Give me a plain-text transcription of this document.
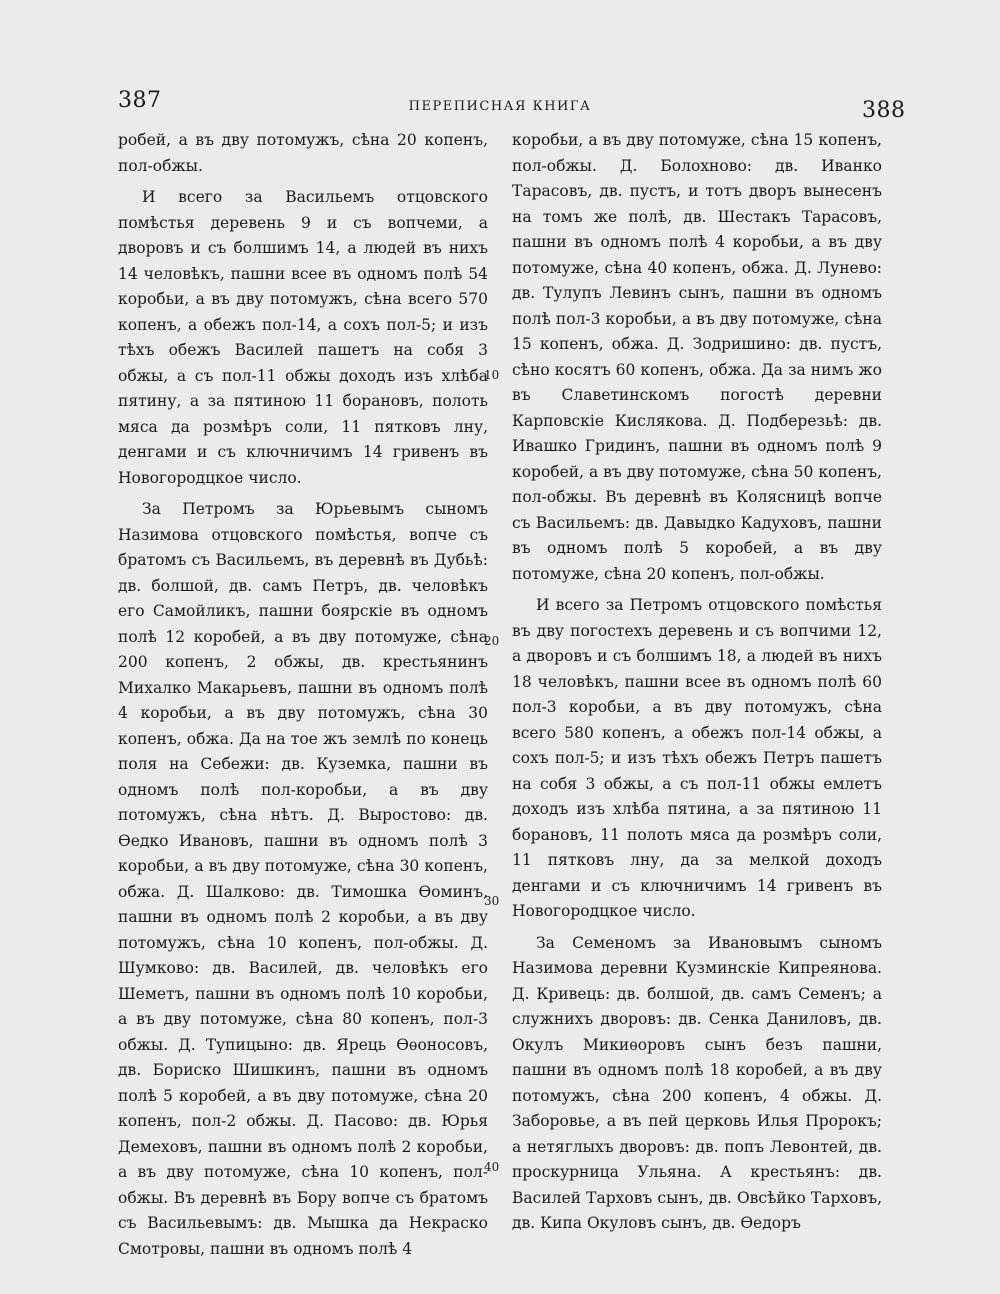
387	ПЕРЕПИСНАЯ КНИГА	388

робей, а въ дву потомужъ, сѣна 20 копенъ, пол-обжы.

И всего за Васильемъ отцовского помѣстья деревень 9 и съ вопчеми, а дворовъ и съ болшимъ 14, а людей въ нихъ 14 человѣкъ, пашни всее въ одномъ полѣ 54 коробьи, а въ дву потомужъ, сѣна всего 570 копенъ, а обежъ пол-14, а сохъ пол-5; и изъ тѣхъ обежъ Василей пашетъ на собя 3 обжы, а съ пол-11 обжы доходъ изъ хлѣба пятину, а за пятиною 11 борановъ, полоть мяса да розмѣръ соли, 11 пятковъ лну, денгами и съ ключничимъ 14 гривенъ въ Новогородцкое число.

За Петромъ за Юрьевымъ сыномъ Назимова отцовского помѣстья, вопче съ братомъ съ Васильемъ, въ деревнѣ въ Дубьѣ: дв. болшой, дв. самъ Петръ, дв. человѣкъ его Самойликъ, пашни боярскіе въ одномъ полѣ 12 коробей, а въ дву потомуже, сѣна 200 копенъ, 2 обжы, дв. крестьянинъ Михалко Макарьевъ, пашни въ одномъ полѣ 4 коробьи, а въ дву потомужъ, сѣна 30 копенъ, обжа. Да на тое жъ землѣ по конець поля на Себежи: дв. Куземка, пашни въ одномъ полѣ пол-коробьи, а въ дву потомужъ, сѣна нѣтъ. Д. Выростово: дв. Ѳедко Ивановъ, пашни въ одномъ полѣ 3 коробьи, а въ дву потомуже, сѣна 30 копенъ, обжа. Д. Шалково: дв. Тимошка Ѳоминъ, пашни въ одномъ полѣ 2 коробьи, а въ дву потомужъ, сѣна 10 копенъ, пол-обжы. Д. Шумково: дв. Василей, дв. человѣкъ его Шеметъ, пашни въ одномъ полѣ 10 коробьи, а въ дву потомуже, сѣна 80 копенъ, пол-3 обжы. Д. Тупицыно: дв. Ярець Ѳѳоносовъ, дв. Бориско Шишкинъ, пашни въ одномъ полѣ 5 коробей, а въ дву потомуже, сѣна 20 копенъ, пол-2 обжы. Д. Пасово: дв. Юрья Демеховъ, пашни въ одномъ полѣ 2 коробьи, а въ дву потомуже, сѣна 10 копенъ, пол-обжы. Въ деревнѣ въ Бору вопче съ братомъ съ Васильевымъ: дв. Мышка да Некраско Смотровы, пашни въ одномъ полѣ 4

10
20
30
40

коробьи, а въ дву потомуже, сѣна 15 копенъ, пол-обжы. Д. Болохново: дв. Иванко Тарасовъ, дв. пустъ, и тотъ дворъ вынесенъ на томъ же полѣ, дв. Шестакъ Тарасовъ, пашни въ одномъ полѣ 4 коробьи, а въ дву потомуже, сѣна 40 копенъ, обжа. Д. Лунево: дв. Тулупъ Левинъ сынъ, пашни въ одномъ полѣ пол-3 коробьи, а въ дву потомуже, сѣна 15 копенъ, обжа. Д. Зодришино: дв. пустъ, сѣно косятъ 60 копенъ, обжа. Да за нимъ жо въ Славетинскомъ погостѣ деревни Карповскіе Кислякова. Д. Подберезьѣ: дв. Ивашко Гридинъ, пашни въ одномъ полѣ 9 коробей, а въ дву потомуже, сѣна 50 копенъ, пол-обжы. Въ деревнѣ въ Колясницѣ вопче съ Васильемъ: дв. Давыдко Кадуховъ, пашни въ одномъ полѣ 5 коробей, а въ дву потомуже, сѣна 20 копенъ, пол-обжы.

И всего за Петромъ отцовского помѣстья въ дву погостехъ деревень и съ вопчими 12, а дворовъ и съ болшимъ 18, а людей въ нихъ 18 человѣкъ, пашни всее въ одномъ полѣ 60 пол-3 коробьи, а въ дву потомужъ, сѣна всего 580 копенъ, а обежъ пол-14 обжы, а сохъ пол-5; и изъ тѣхъ обежъ Петръ пашетъ на собя 3 обжы, а съ пол-11 обжы емлетъ доходъ изъ хлѣба пятина, а за пятиною 11 борановъ, 11 полоть мяса да розмѣръ соли, 11 пятковъ лну, да за мелкой доходъ денгами и съ ключничимъ 14 гривенъ въ Новогородцкое число.

За Семеномъ за Ивановымъ сыномъ Назимова деревни Кузминскіе Кипреянова. Д. Кривець: дв. болшой, дв. самъ Семенъ; а служнихъ дворовъ: дв. Сенка Даниловъ, дв. Окулъ Микиѳоровъ сынъ безъ пашни, пашни въ одномъ полѣ 18 коробей, а въ дву потомужъ, сѣна 200 копенъ, 4 обжы. Д. Заборовье, а въ пей церковь Илья Пророкъ; а нетяглыхъ дворовъ: дв. попъ Левонтей, дв. проскурница Ульяна. А крестьянъ: дв. Василей Тарховъ сынъ, дв. Овсѣйко Тарховъ, дв. Кипа Окуловъ сынъ, дв. Ѳедоръ
